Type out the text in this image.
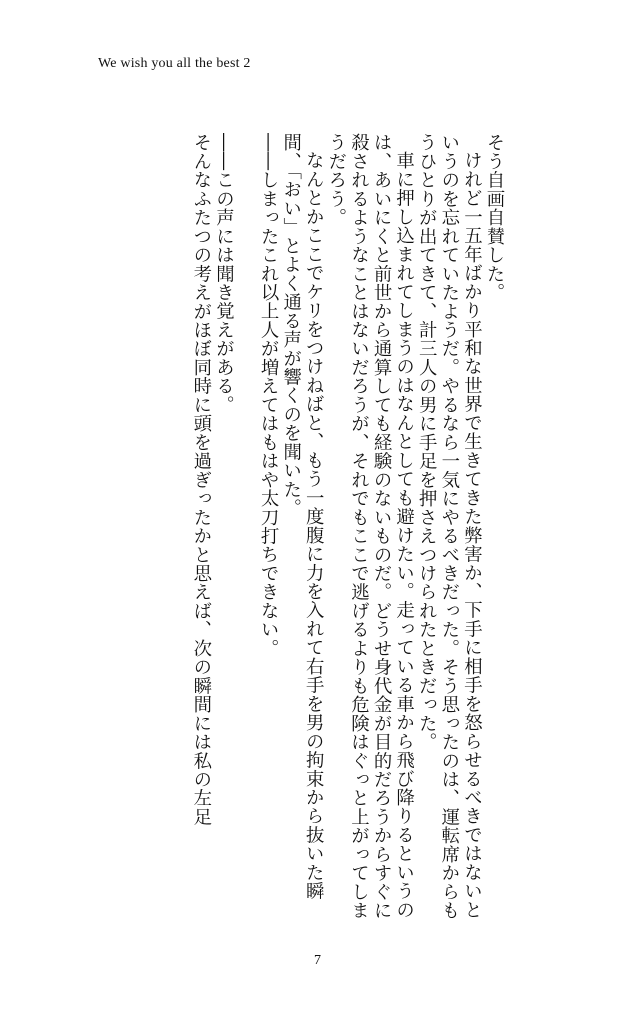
We wish you all the best 2

そう自画自賛した。

けれど一五年ばかり平和な世界で生きてきた弊害か、下手に相手を怒らせるべきではないというのを忘れていたようだ。やるなら一気にやるべきだった。そう思ったのは、運転席からもうひとりが出てきて、計三人の男に手足を押さえつけられたときだった。

車に押し込まれてしまうのはなんとしても避けたい。走っている車から飛び降りるというのは、あいにくと前世から通算しても経験のないものだ。どうせ身代金が目的だろうからすぐに殺されるようなことはないだろうが、それでもここで逃げるよりも危険はぐっと上がってしまうだろう。

なんとかここでケリをつけねばと、もう一度腹に力を入れて右手を男の拘束から抜いた瞬間、「おい」とよく通る声が響くのを聞いた。

――しまったこれ以上人が増えてはもはや太刀打ちできない。

――この声には聞き覚えがある。

そんなふたつの考えがほぼ同時に頭を過ぎったかと思えば、次の瞬間には私の左足

7
